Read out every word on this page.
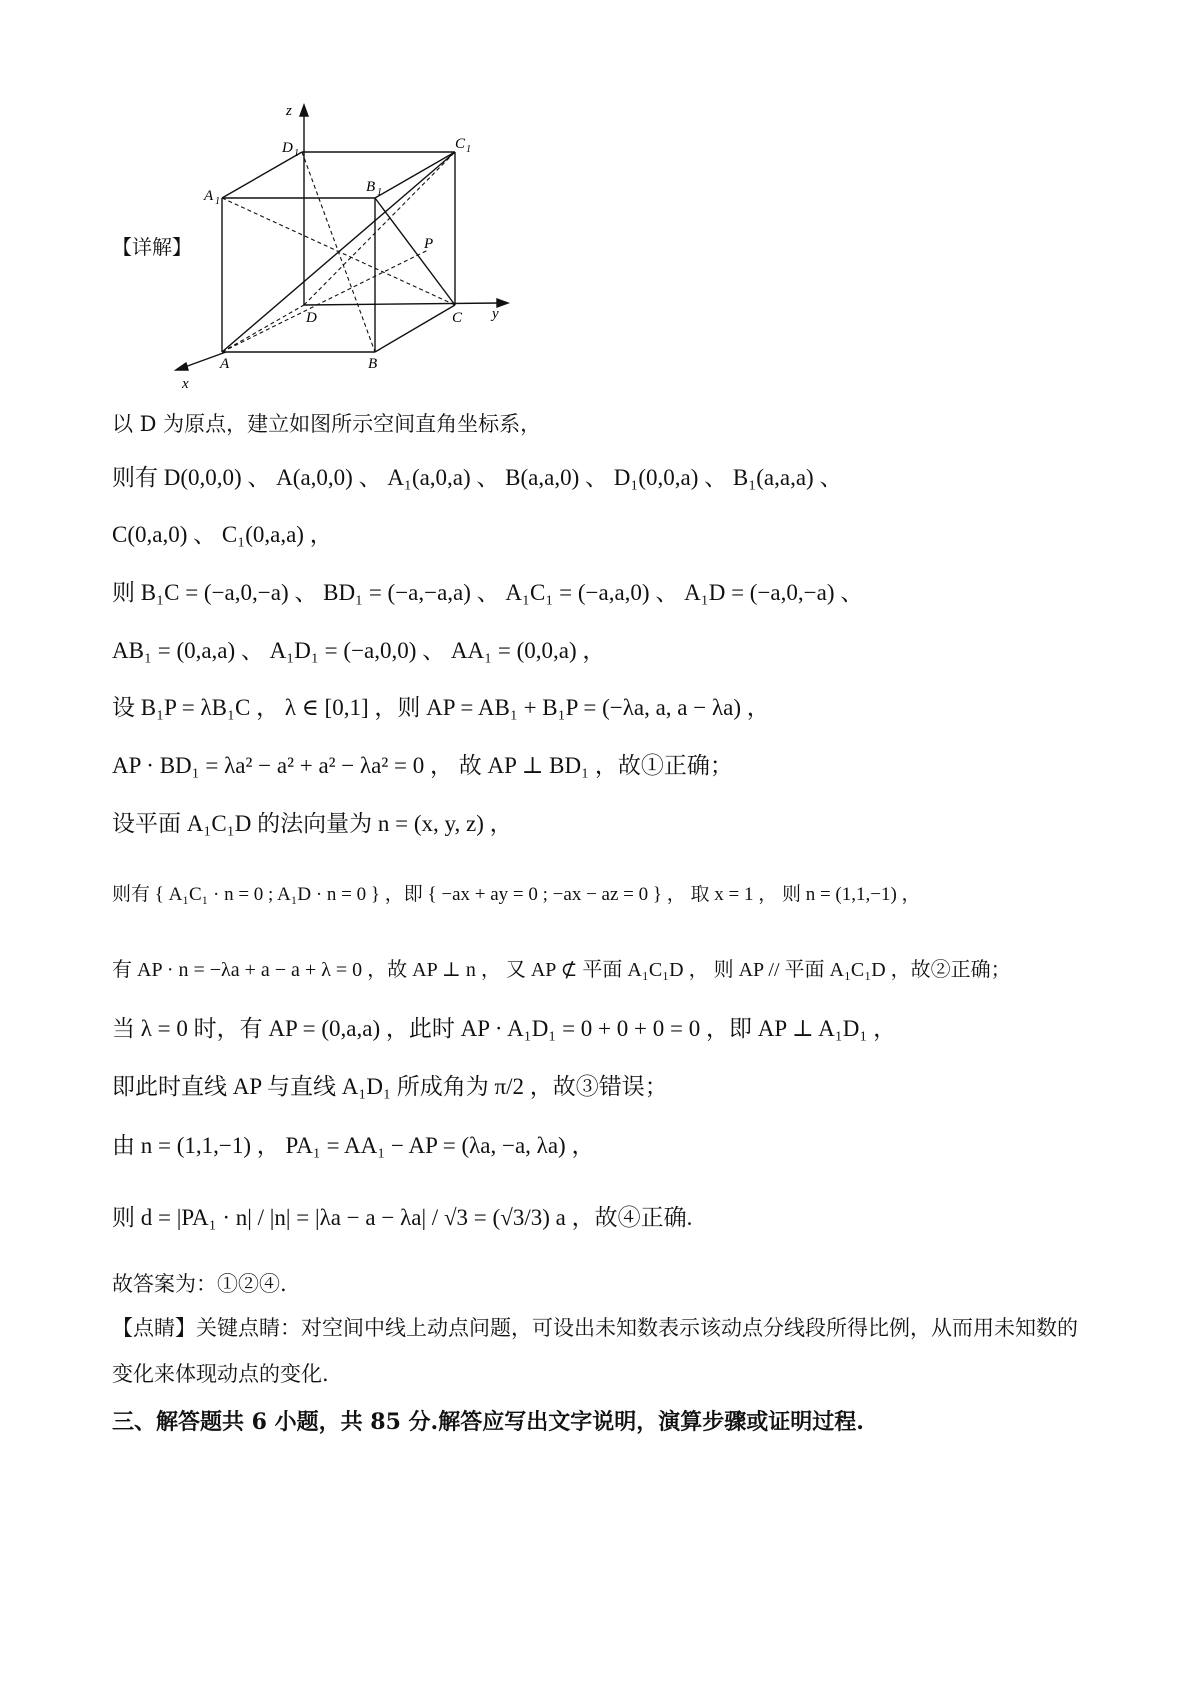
【详解】
z
D 1
C 1
A 1
B 1
P
D	C y
A	B
x
以 D 为原点，建立如图所示空间直角坐标系，
则有 D(0,0,0) 、 A(a,0,0) 、 A₁(a,0,a) 、 B(a,a,0) 、 D₁(0,0,a) 、 B₁(a,a,a) 、
C(0,a,0) 、 C₁(0,a,a) ，
则 B₁C = (−a,0,−a) 、 BD₁ = (−a,−a,a) 、 A₁C₁ = (−a,a,0) 、 A₁D = (−a,0,−a) 、
AB₁ = (0,a,a) 、 A₁D₁ = (−a,0,0) 、 AA₁ = (0,0,a) ，
设 B₁P = λB₁C ， λ ∈ [0,1] ，则 AP = AB₁ + B₁P = (−λa, a, a − λa) ，
AP · BD₁ = λa² − a² + a² − λa² = 0 ， 故 AP ⊥ BD₁ ，故①正确；
设平面 A₁C₁D 的法向量为 n = (x, y, z) ，
则有 { A₁C₁ · n = 0 ; A₁D · n = 0 } ，即 { −ax + ay = 0 ; −ax − az = 0 } ， 取 x = 1 ， 则 n = (1,1,−1) ，
有 AP · n = −λa + a − a + λ = 0 ，故 AP ⊥ n ， 又 AP ⊄ 平面 A₁C₁D ， 则 AP // 平面 A₁C₁D ，故②正确；
当 λ = 0 时，有 AP = (0,a,a) ，此时 AP · A₁D₁ = 0 + 0 + 0 = 0 ，即 AP ⊥ A₁D₁ ，
即此时直线 AP 与直线 A₁D₁ 所成角为 π/2 ，故③错误；
由 n = (1,1,−1) ， PA₁ = AA₁ − AP = (λa, −a, λa) ，
则 d = |PA₁ · n| / |n| = |λa − a − λa| / √3 = (√3/3) a ，故④正确.
故答案为：①②④.
【点睛】关键点睛：对空间中线上动点问题，可设出未知数表示该动点分线段所得比例，从而用未知数的
变化来体现动点的变化.
三、解答题共 6 小题，共 85 分.解答应写出文字说明，演算步骤或证明过程.
